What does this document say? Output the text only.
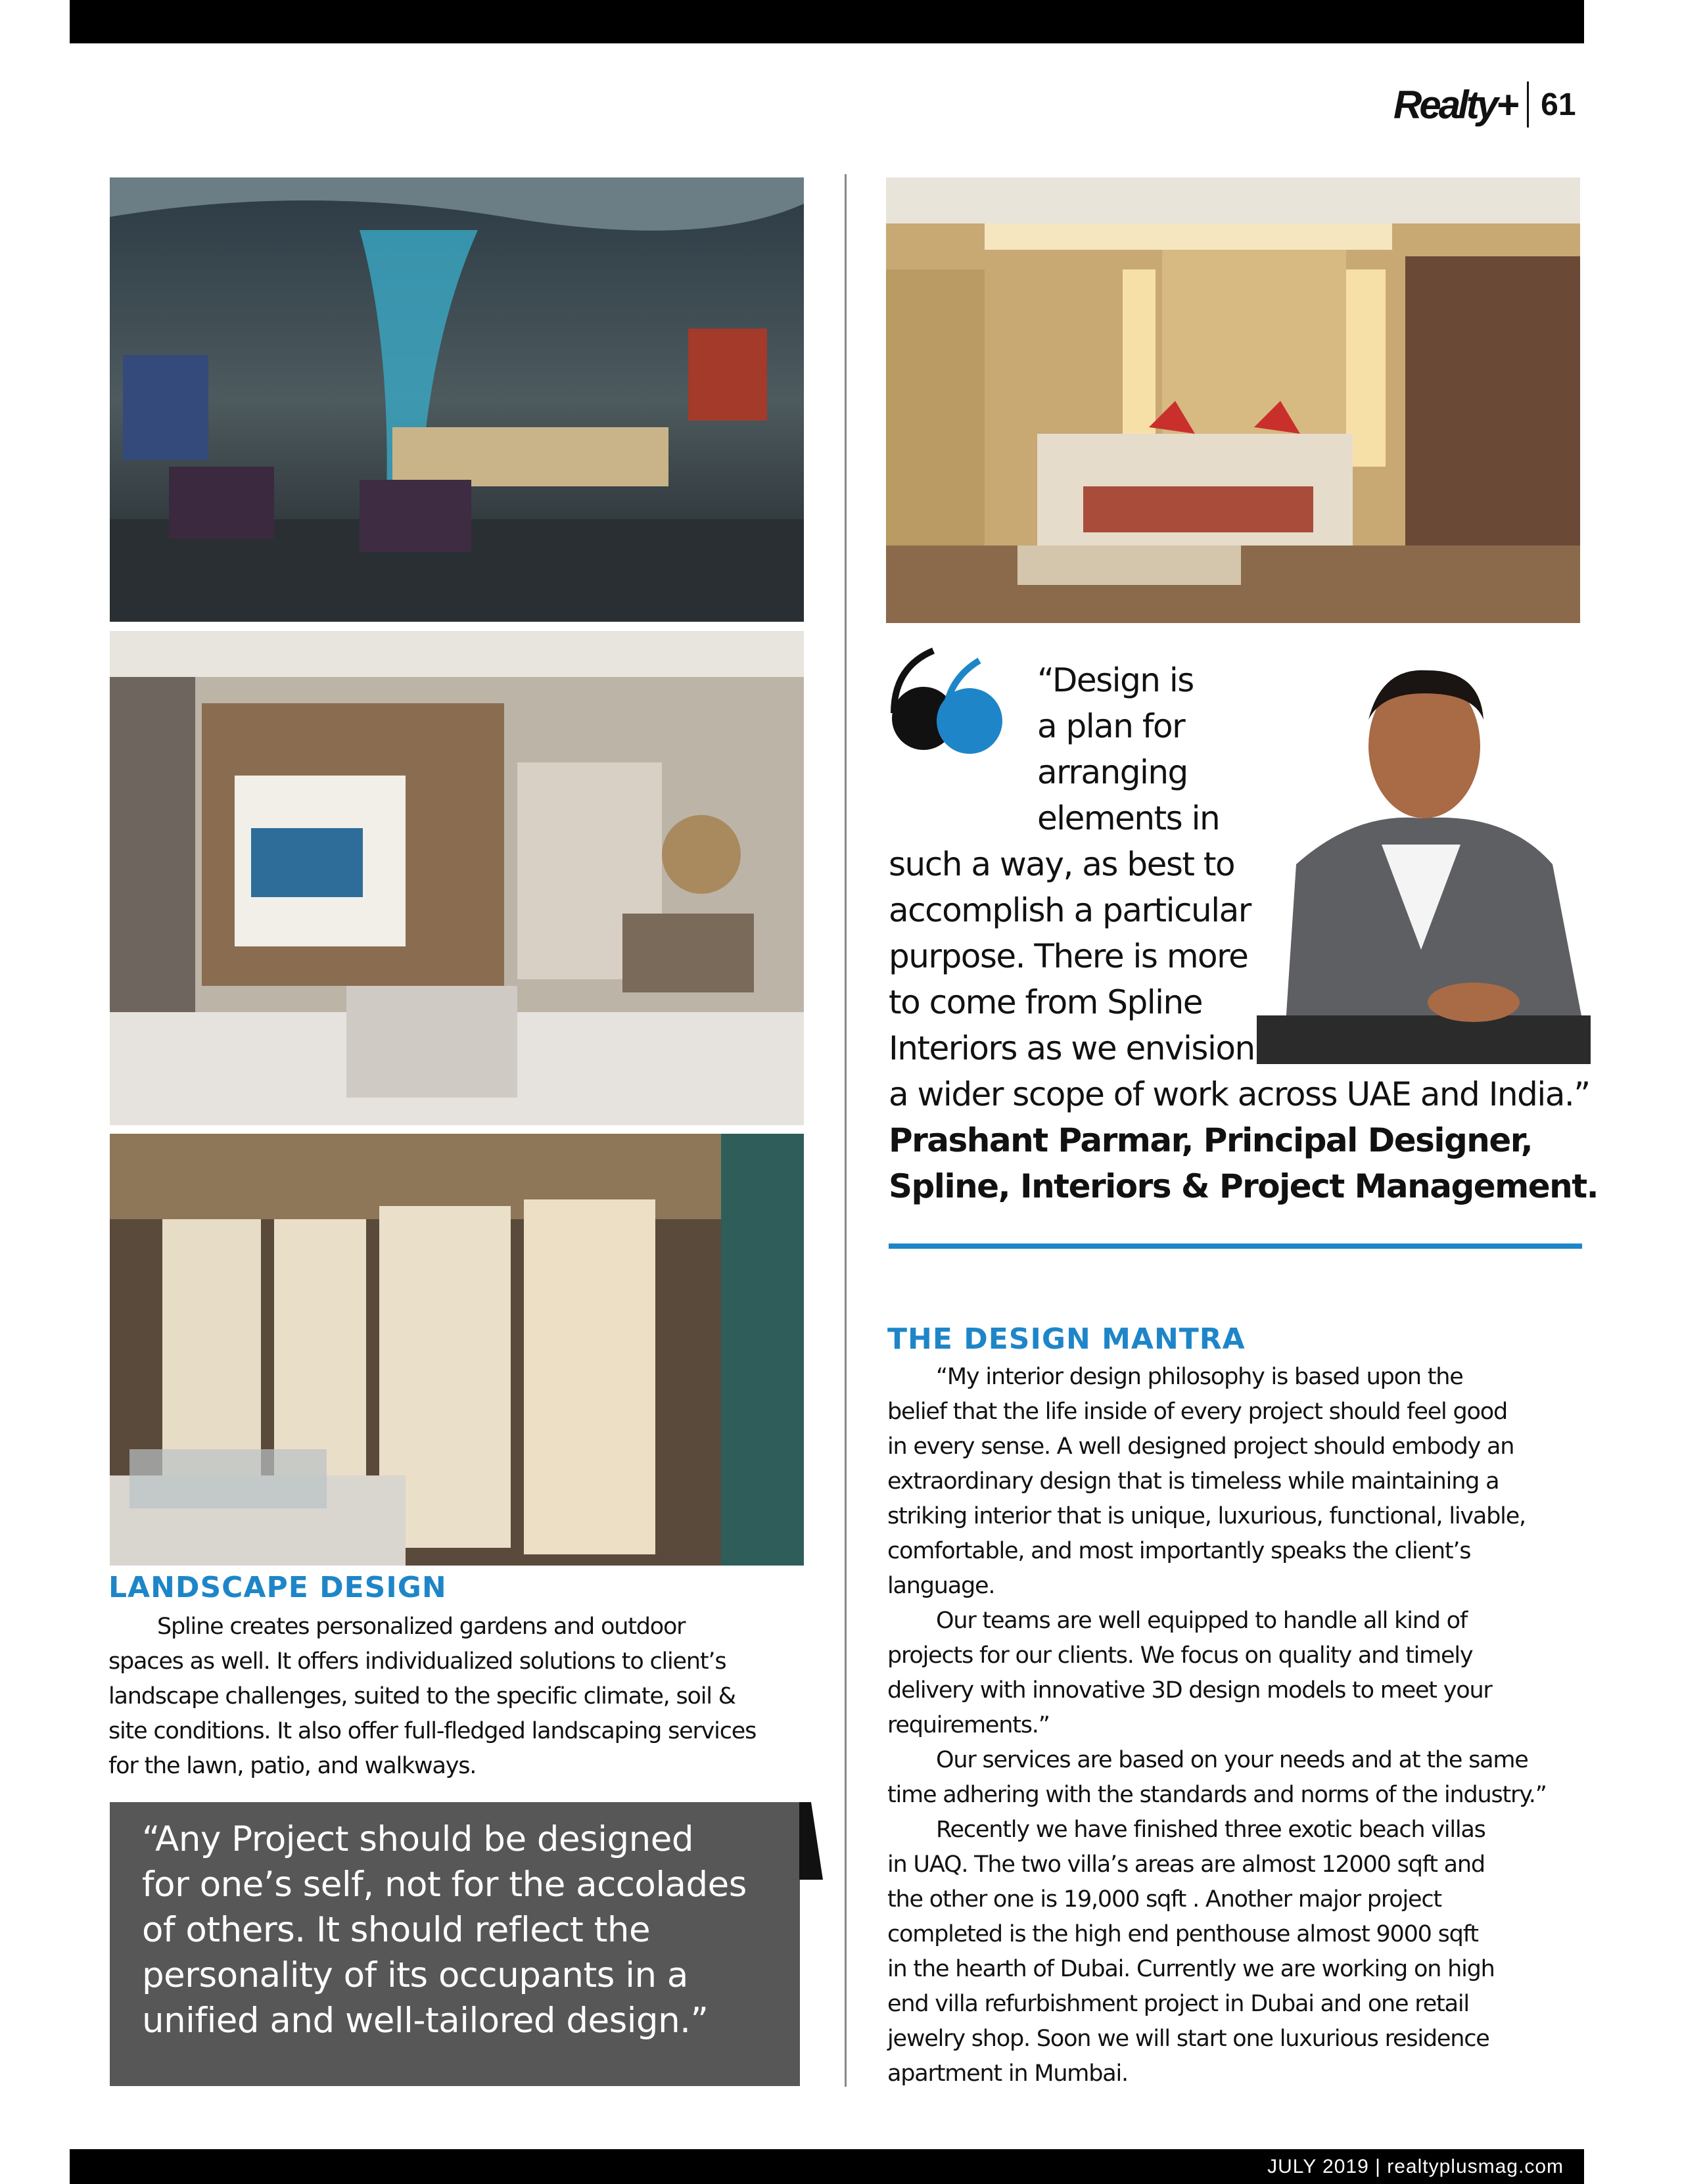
Realty+ 61
“Design is
a plan for
arranging
elements in
such a way, as best to
accomplish a particular
purpose. There is more
to come from Spline
Interiors as we envision
a wider scope of work across UAE and India.”
Prashant Parmar, Principal Designer,
Spline, Interiors & Project Management.
THE DESIGN MANTRA

“My interior design philosophy is based upon the

belief that the life inside of every project should feel good

in every sense. A well designed project should embody an

extraordinary design that is timeless while maintaining a

striking interior that is unique, luxurious, functional, livable,

comfortable, and most importantly speaks the client’s

language.

Our teams are well equipped to handle all kind of

projects for our clients. We focus on quality and timely

delivery with innovative 3D design models to meet your

requirements.”

Our services are based on your needs and at the same

time adhering with the standards and norms of the industry.”

Recently we have finished three exotic beach villas

in UAQ. The two villa’s areas are almost 12000 sqft and

the other one is 19,000 sqft . Another major project

completed is the high end penthouse almost 9000 sqft

in the hearth of Dubai. Currently we are working on high

end villa refurbishment project in Dubai and one retail

jewelry shop. Soon we will start one luxurious residence

apartment in Mumbai.

LANDSCAPE DESIGN

Spline creates personalized gardens and outdoor

spaces as well. It offers individualized solutions to client’s

landscape challenges, suited to the specific climate, soil &

site conditions. It also offer full-fledged landscaping services

for the lawn, patio, and walkways.

“Any Project should be designed
for one’s self, not for the accolades
of others. It should reflect the
personality of its occupants in a
unified and well-tailored design.”
JULY 2019 | realtyplusmag.com
